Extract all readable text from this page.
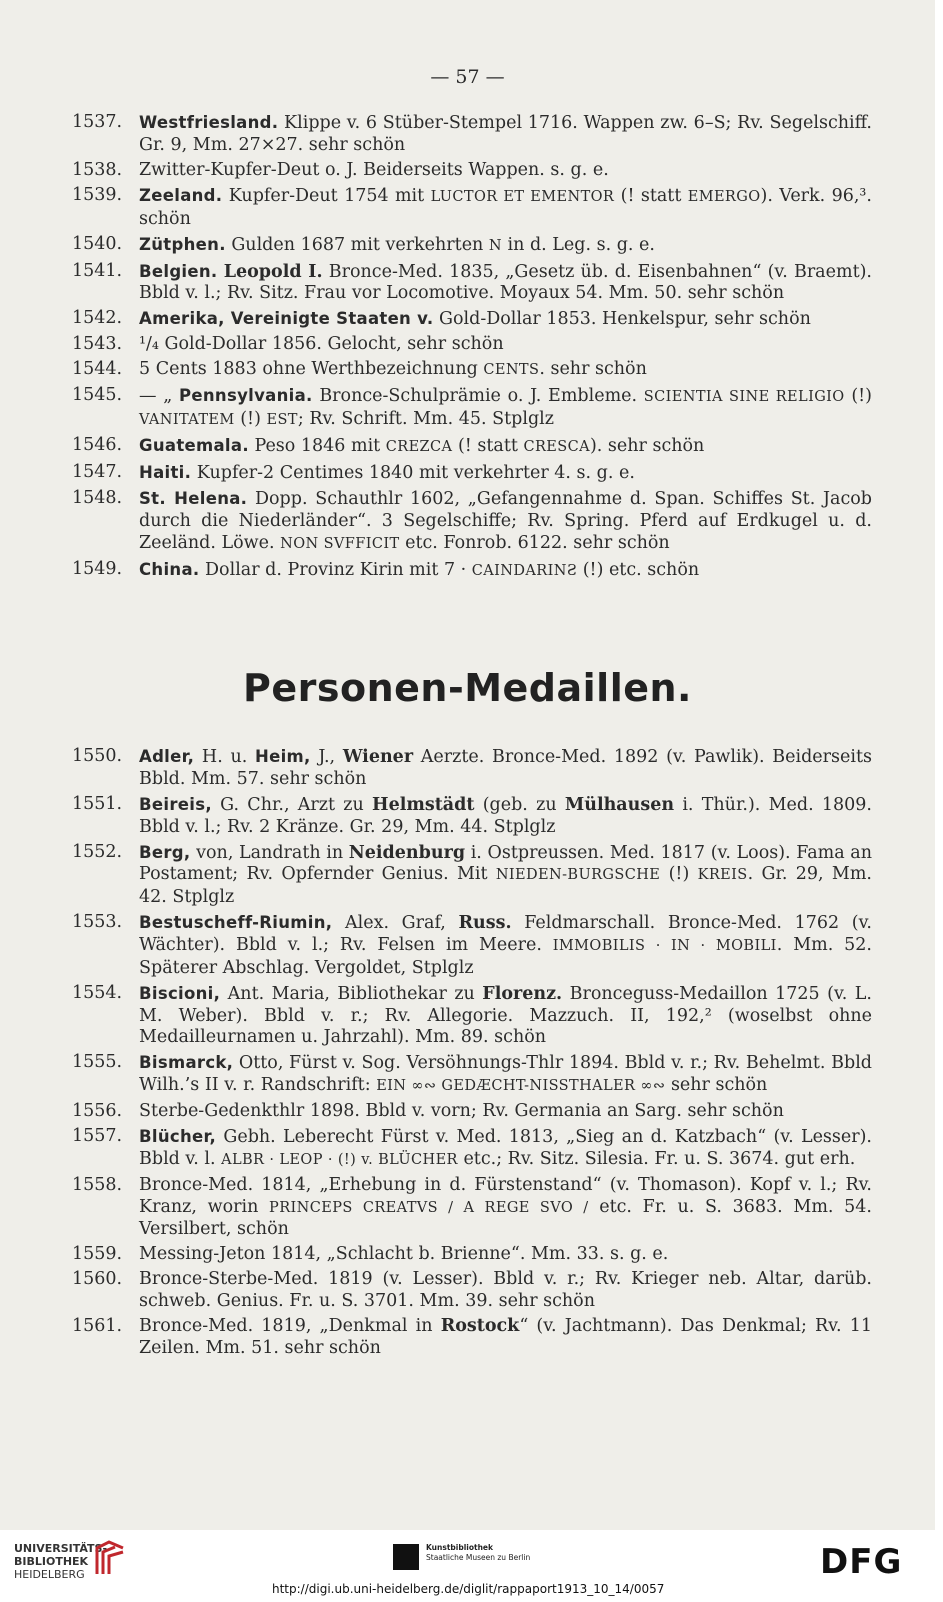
— 57 —
1537.	Westfriesland. Klippe v. 6 Stüber-Stempel 1716. Wappen zw. 6–S; Rv. Segelschiff. Gr. 9, Mm. 27×27. sehr schön
1538. Zwitter-Kupfer-Deut o. J. Beiderseits Wappen. s. g. e.
1539.	Zeeland. Kupfer-Deut 1754 mit LUCTOR ET EMENTOR (! statt EMERGO). Verk. 96,³. schön
1540.	Zütphen. Gulden 1687 mit verkehrten N in d. Leg. s. g. e.
1541.	Belgien. Leopold I. Bronce-Med. 1835, „Gesetz üb. d. Eisenbahnen“ (v. Braemt). Bbld v. l.; Rv. Sitz. Frau vor Locomotive. Moyaux 54. Mm. 50. sehr schön
1542.	Amerika, Vereinigte Staaten v. Gold-Dollar 1853. Henkelspur, sehr schön
1543. ¹/₄ Gold-Dollar 1856. Gelocht, sehr schön
1544. 5 Cents 1883 ohne Werthbezeichnung CENTS. sehr schön
1545. — „ Pennsylvania. Bronce-Schulprämie o. J. Embleme. SCIENTIA SINE RELIGIO (!) VANITATEM (!) EST; Rv. Schrift. Mm. 45. Stplglz
1546.	Guatemala. Peso 1846 mit CREZCA (! statt CRESCA). sehr schön
1547.	Haiti. Kupfer-2 Centimes 1840 mit verkehrter 4. s. g. e.
1548.	St. Helena. Dopp. Schauthlr 1602, „Gefangennahme d. Span. Schiffes St. Jacob durch die Niederländer“. 3 Segelschiffe; Rv. Spring. Pferd auf Erdkugel u. d. Zeeländ. Löwe. NON SVFFICIT etc. Fonrob. 6122. sehr schön
1549.	China. Dollar d. Provinz Kirin mit 7 · CAINDARINƧ (!) etc. schön
Personen-Medaillen.
1550.	Adler, H. u. Heim, J., Wiener Aerzte. Bronce-Med. 1892 (v. Pawlik). Beiderseits Bbld. Mm. 57. sehr schön
1551.	Beireis, G. Chr., Arzt zu Helmstädt (geb. zu Mülhausen i. Thür.). Med. 1809. Bbld v. l.; Rv. 2 Kränze. Gr. 29, Mm. 44. Stplglz
1552.	Berg, von, Landrath in Neidenburg i. Ostpreussen. Med. 1817 (v. Loos). Fama an Postament; Rv. Opfernder Genius. Mit NIEDEN-BURGSCHE (!) KREIS. Gr. 29, Mm. 42. Stplglz
1553.	Bestuscheff-Riumin, Alex. Graf, Russ. Feldmarschall. Bronce-Med. 1762 (v. Wächter). Bbld v. l.; Rv. Felsen im Meere. IMMOBILIS · IN · MOBILI. Mm. 52. Späterer Abschlag. Vergoldet, Stplglz
1554.	Biscioni, Ant. Maria, Bibliothekar zu Florenz. Bronceguss-Medaillon 1725 (v. L. M. Weber). Bbld v. r.; Rv. Allegorie. Mazzuch. II, 192,² (woselbst ohne Medailleurnamen u. Jahrzahl). Mm. 89. schön
1555.	Bismarck, Otto, Fürst v. Sog. Versöhnungs-Thlr 1894. Bbld v. r.; Rv. Behelmt. Bbld Wilh.’s II v. r. Randschrift: EIN ∞∾ GEDÆCHT-NISSTHALER ∞∾ sehr schön
1556. Sterbe-Gedenkthlr 1898. Bbld v. vorn; Rv. Germania an Sarg. sehr schön
1557.	Blücher, Gebh. Leberecht Fürst v. Med. 1813, „Sieg an d. Katzbach“ (v. Lesser). Bbld v. l. ALBR · LEOP · (!) v. BLÜCHER etc.; Rv. Sitz. Silesia. Fr. u. S. 3674. gut erh.
1558. Bronce-Med. 1814, „Erhebung in d. Fürstenstand“ (v. Thomason). Kopf v. l.; Rv. Kranz, worin PRINCEPS CREATVS / A REGE SVO / etc. Fr. u. S. 3683. Mm. 54. Versilbert, schön
1559. Messing-Jeton 1814, „Schlacht b. Brienne“. Mm. 33. s. g. e.
1560. Bronce-Sterbe-Med. 1819 (v. Lesser). Bbld v. r.; Rv. Krieger neb. Altar, darüb. schweb. Genius. Fr. u. S. 3701. Mm. 39. sehr schön
1561. Bronce-Med. 1819, „Denkmal in Rostock“ (v. Jachtmann). Das Denkmal; Rv. 11 Zeilen. Mm. 51. sehr schön
UNIVERSITÄTS-
BIBLIOTHEK
HEIDELBERG
Kunstbibliothek
Staatliche Museen zu Berlin	DFG
http://digi.ub.uni-heidelberg.de/diglit/rappaport1913_10_14/0057
